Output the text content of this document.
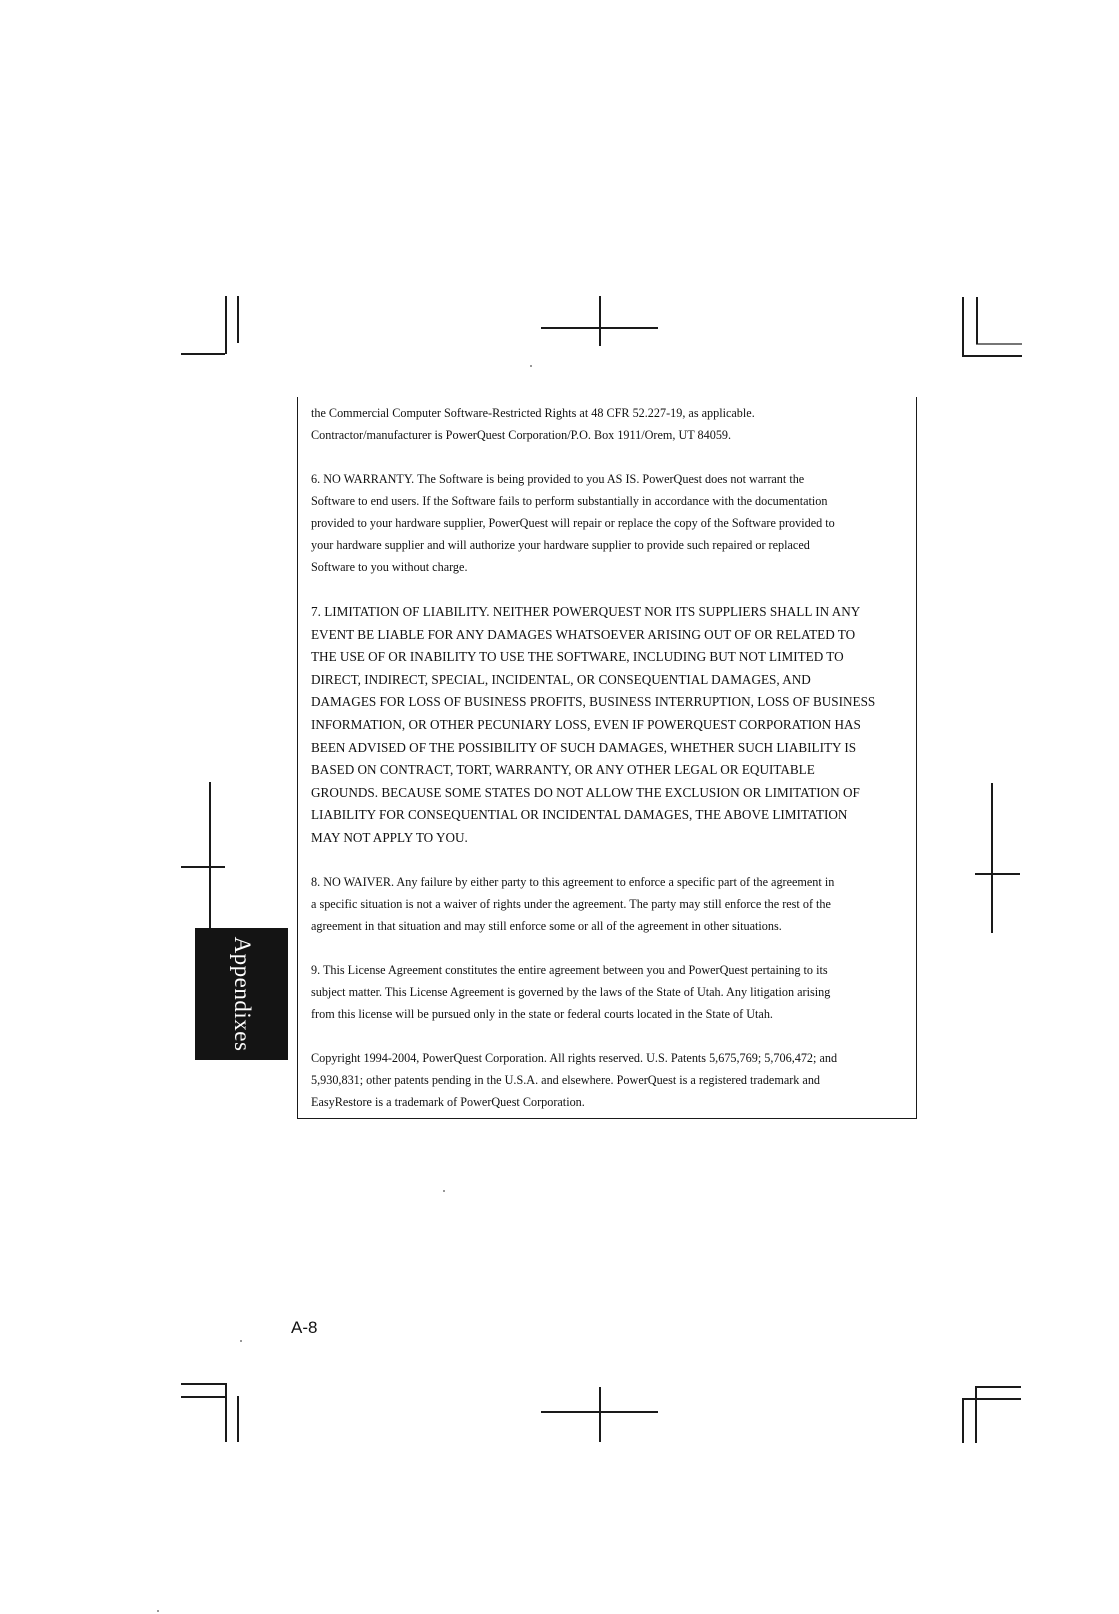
Appendixes

the Commercial Computer Software-Restricted Rights at 48 CFR 52.227-19, as applicable.

Contractor/manufacturer is PowerQuest Corporation/P.O. Box 1911/Orem, UT 84059.

6. NO WARRANTY. The Software is being provided to you AS IS. PowerQuest does not warrant the

Software to end users. If the Software fails to perform substantially in accordance with the documentation

provided to your hardware supplier, PowerQuest will repair or replace the copy of the Software provided to

your hardware supplier and will authorize your hardware supplier to provide such repaired or replaced

Software to you without charge.

7. LIMITATION OF LIABILITY. NEITHER POWERQUEST NOR ITS SUPPLIERS SHALL IN ANY

EVENT BE LIABLE FOR ANY DAMAGES WHATSOEVER ARISING OUT OF OR RELATED TO

THE USE OF OR INABILITY TO USE THE SOFTWARE, INCLUDING BUT NOT LIMITED TO

DIRECT, INDIRECT, SPECIAL, INCIDENTAL, OR CONSEQUENTIAL DAMAGES, AND

DAMAGES FOR LOSS OF BUSINESS PROFITS, BUSINESS INTERRUPTION, LOSS OF BUSINESS

INFORMATION, OR OTHER PECUNIARY LOSS, EVEN IF POWERQUEST CORPORATION HAS

BEEN ADVISED OF THE POSSIBILITY OF SUCH DAMAGES, WHETHER SUCH LIABILITY IS

BASED ON CONTRACT, TORT, WARRANTY, OR ANY OTHER LEGAL OR EQUITABLE

GROUNDS. BECAUSE SOME STATES DO NOT ALLOW THE EXCLUSION OR LIMITATION OF

LIABILITY FOR CONSEQUENTIAL OR INCIDENTAL DAMAGES, THE ABOVE LIMITATION

MAY NOT APPLY TO YOU.

8. NO WAIVER. Any failure by either party to this agreement to enforce a specific part of the agreement in

a specific situation is not a waiver of rights under the agreement. The party may still enforce the rest of the

agreement in that situation and may still enforce some or all of the agreement in other situations.

9. This License Agreement constitutes the entire agreement between you and PowerQuest pertaining to its

subject matter. This License Agreement is governed by the laws of the State of Utah. Any litigation arising

from this license will be pursued only in the state or federal courts located in the State of Utah.

Copyright 1994-2004, PowerQuest Corporation. All rights reserved. U.S. Patents 5,675,769; 5,706,472; and

5,930,831; other patents pending in the U.S.A. and elsewhere. PowerQuest is a registered trademark and

EasyRestore is a trademark of PowerQuest Corporation.

A-8
